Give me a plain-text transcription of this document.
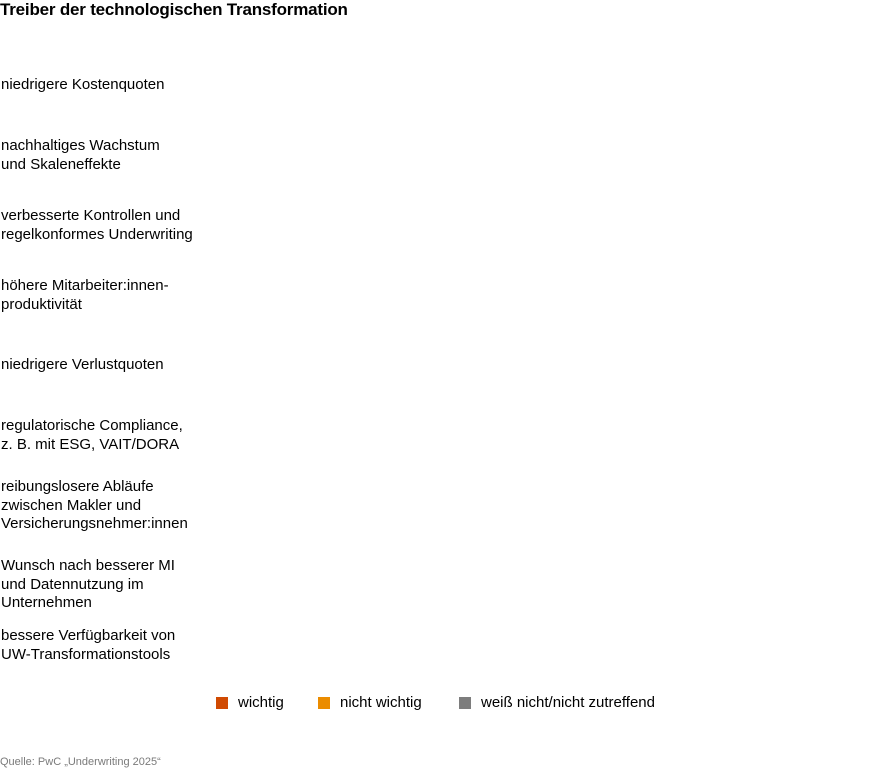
Treiber der technologischen Transformation
niedrigere Kostenquoten
nachhaltiges Wachstum
und Skaleneffekte
verbesserte Kontrollen und
regelkonformes Underwriting
höhere Mitarbeiter:innen-
produktivität
niedrigere Verlustquoten
regulatorische Compliance,
z. B. mit ESG, VAIT/DORA
reibungslosere Abläufe
zwischen Makler und
Versicherungsnehmer:innen
Wunsch nach besserer MI
und Datennutzung im
Unternehmen
bessere Verfügbarkeit von
UW-Transformationstools
wichtig	nicht wichtig	weiß nicht/nicht zutreffend
Quelle: PwC „Underwriting 2025“
